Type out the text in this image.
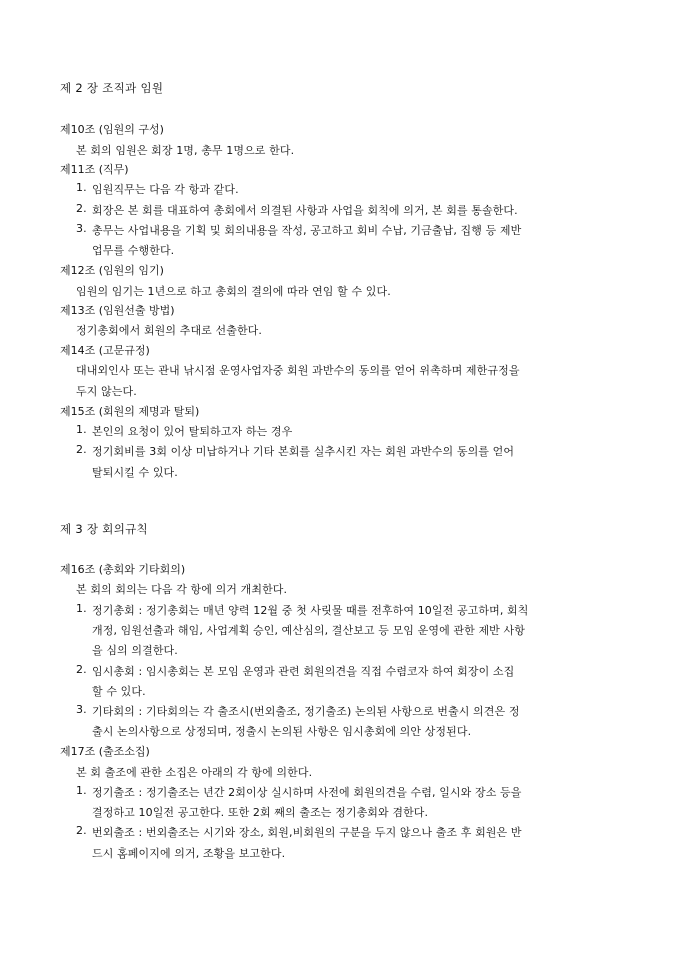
제 2 장 조직과 임원
제10조 (임원의 구성)
본 회의 임원은 회장 1명, 총무 1명으로 한다.
제11조 (직무)
1. 임원직무는 다음 각 항과 같다.
2. 회장은 본 회를 대표하여 총회에서 의결된 사항과 사업을 회칙에 의거, 본 회를 통솔한다.
3. 총무는 사업내용을 기획 및 회의내용을 작성, 공고하고 회비 수납, 기금출납, 집행 등 제반
업무를 수행한다.
제12조 (임원의 임기)
임원의 임기는 1년으로 하고 총회의 결의에 따라 연임 할 수 있다.
제13조 (임원선출 방법)
정기총회에서 회원의 추대로 선출한다.
제14조 (고문규정)
대내외인사 또는 관내 낚시점 운영사업자중 회원 과반수의 동의를 얻어 위촉하며 제한규정을
두지 않는다.
제15조 (회원의 제명과 탈퇴)
1. 본인의 요청이 있어 탈퇴하고자 하는 경우
2. 정기회비를 3회 이상 미납하거나 기타 본회를 실추시킨 자는 회원 과반수의 동의를 얻어
탈퇴시킬 수 있다.
제 3 장 회의규칙
제16조 (총회와 기타회의)
본 회의 회의는 다음 각 항에 의거 개최한다.
1. 정기총회 : 정기총회는 매년 양력 12월 중 첫 사릿물 때를 전후하여 10일전 공고하며, 회칙
개정, 임원선출과 해임, 사업계획 승인, 예산심의, 결산보고 등 모임 운영에 관한 제반 사항
을 심의 의결한다.
2. 임시총회 : 임시총회는 본 모임 운영과 관련 회원의견을 직접 수렴코자 하여 회장이 소집
할 수 있다.
3. 기타회의 : 기타회의는 각 출조시(번외출조, 정기출조) 논의된 사항으로 번출시 의견은 정
출시 논의사항으로 상정되며, 정출시 논의된 사항은 임시총회에 의안 상정된다.
제17조 (출조소집)
본 회 출조에 관한 소집은 아래의 각 항에 의한다.
1. 정기출조 : 정기출조는 년간 2회이상 실시하며 사전에 회원의견을 수렴, 일시와 장소 등을
결정하고 10일전 공고한다. 또한 2회 째의 출조는 정기총회와 겸한다.
2. 번외출조 : 번외출조는 시기와 장소, 회원,비회원의 구분을 두지 않으나 출조 후 회원은 반
드시 홈페이지에 의거, 조황을 보고한다.
